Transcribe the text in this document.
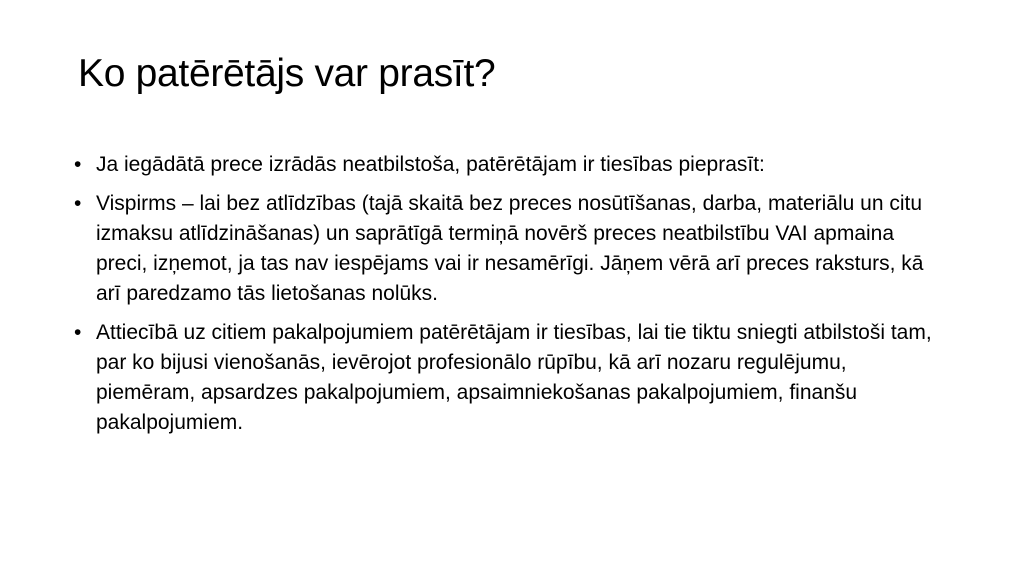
Ko patērētājs var prasīt?
• Ja iegādātā prece izrādās neatbilstoša, patērētājam ir tiesības pieprasīt:
• Vispirms – lai bez atlīdzības (tajā skaitā bez preces nosūtīšanas, darba, materiālu un citu izmaksu atlīdzināšanas) un saprātīgā termiņā novērš preces neatbilstību VAI apmaina preci, izņemot, ja tas nav iespējams vai ir nesamērīgi. Jāņem vērā arī preces raksturs, kā arī paredzamo tās lietošanas nolūks.
• Attiecībā uz citiem pakalpojumiem patērētājam ir tiesības, lai tie tiktu sniegti atbilstoši tam, par ko bijusi vienošanās, ievērojot profesionālo rūpību, kā arī nozaru regulējumu, piemēram, apsardzes pakalpojumiem, apsaimniekošanas pakalpojumiem, finanšu pakalpojumiem.
